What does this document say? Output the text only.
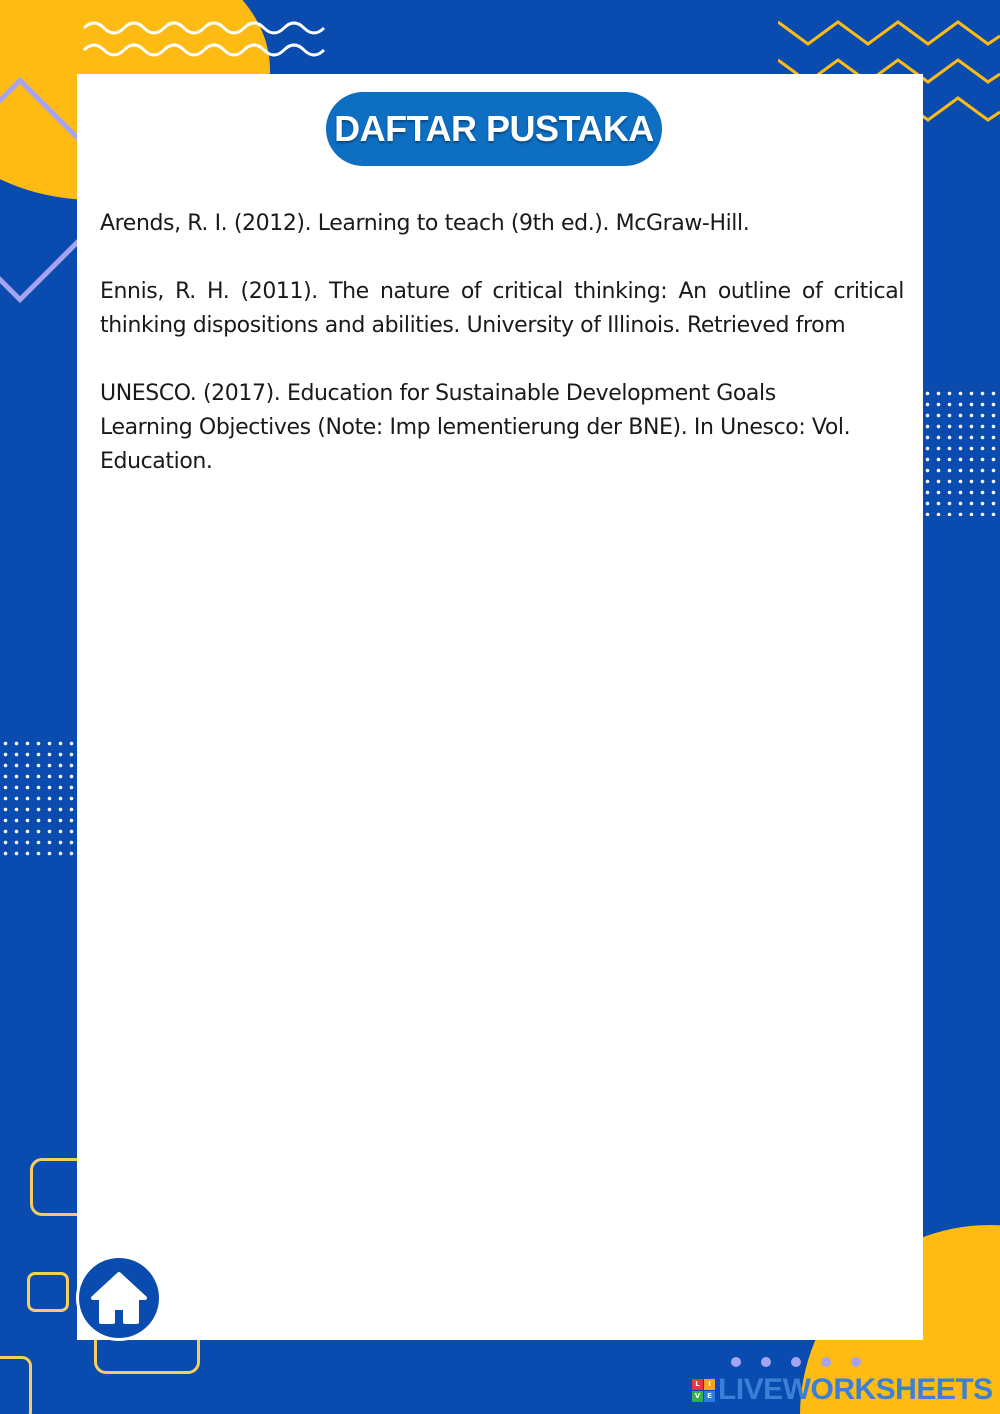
DAFTAR PUSTAKA

Arends, R. I. (2012). Learning to teach (9th ed.). McGraw-Hill.

Ennis, R. H. (2011). The nature of critical thinking: An outline of critical thinking dispositions and abilities. University of Illinois. Retrieved from

UNESCO. (2017). Education for Sustainable Development Goals Learning Objectives (Note: Imp lementierung der BNE). In Unesco: Vol. Education.

L	I
V E LIVEWORKSHEETS
